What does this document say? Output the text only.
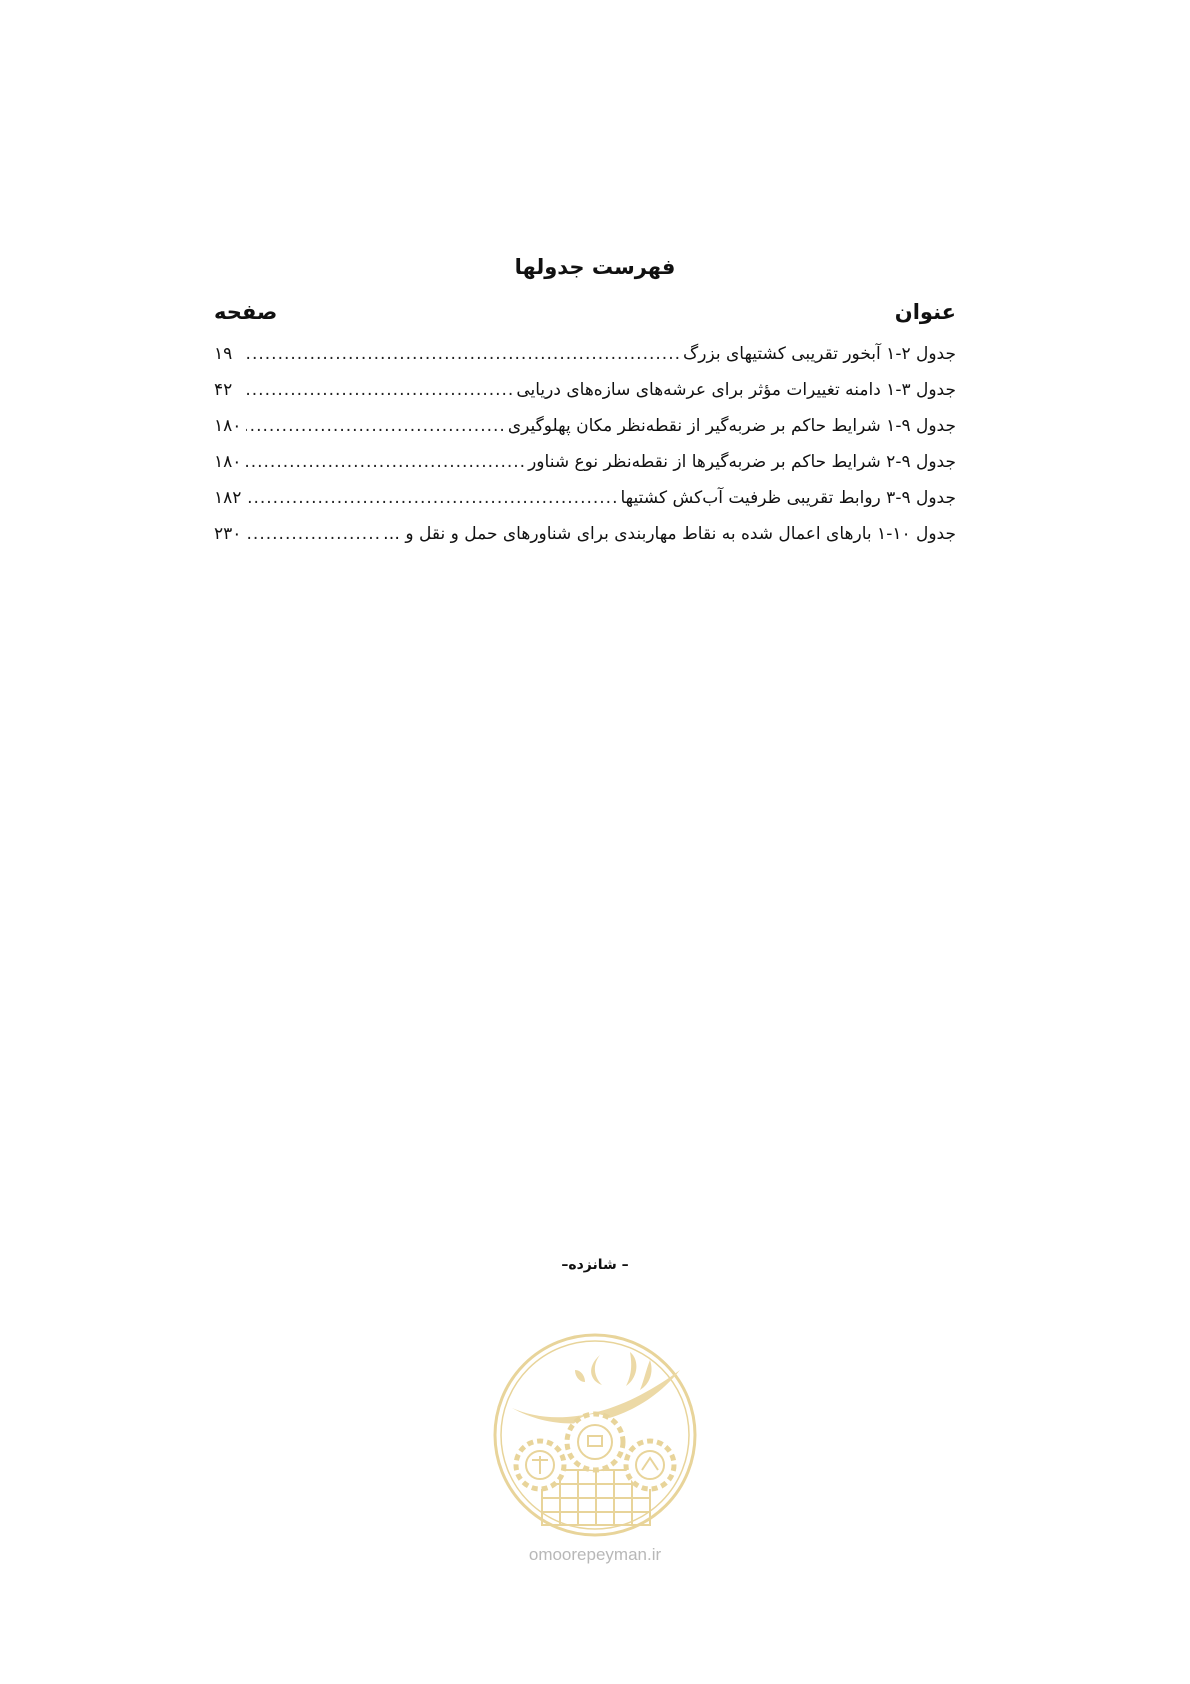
فهرست جدولها
عنوان
صفحه
جدول ۲-۱ آبخور تقریبی کشتیهای بزرگ
.....
۱۹
جدول ۳-۱ دامنه تغییرات مؤثر برای عرشه‌های سازه‌های دریایی
.....
۴۲
جدول ۹-۱ شرایط حاکم بر ضربه‌گیر از نقطه‌نظر مکان پهلوگیری
.....
۱۸۰
جدول ۹-۲ شرایط حاکم بر ضربه‌گیرها از نقطه‌نظر نوع شناور
.....
۱۸۰
جدول ۹-۳ روابط تقریبی ظرفیت آب‌کش کشتیها
.....
۱۸۲
جدول ۱۰-۱ بارهای اعمال شده به نقاط مهاربندی برای شناورهای حمل و نقل و …
.....
۲۳۰
– شانزده–
omoorepeyman.ir
